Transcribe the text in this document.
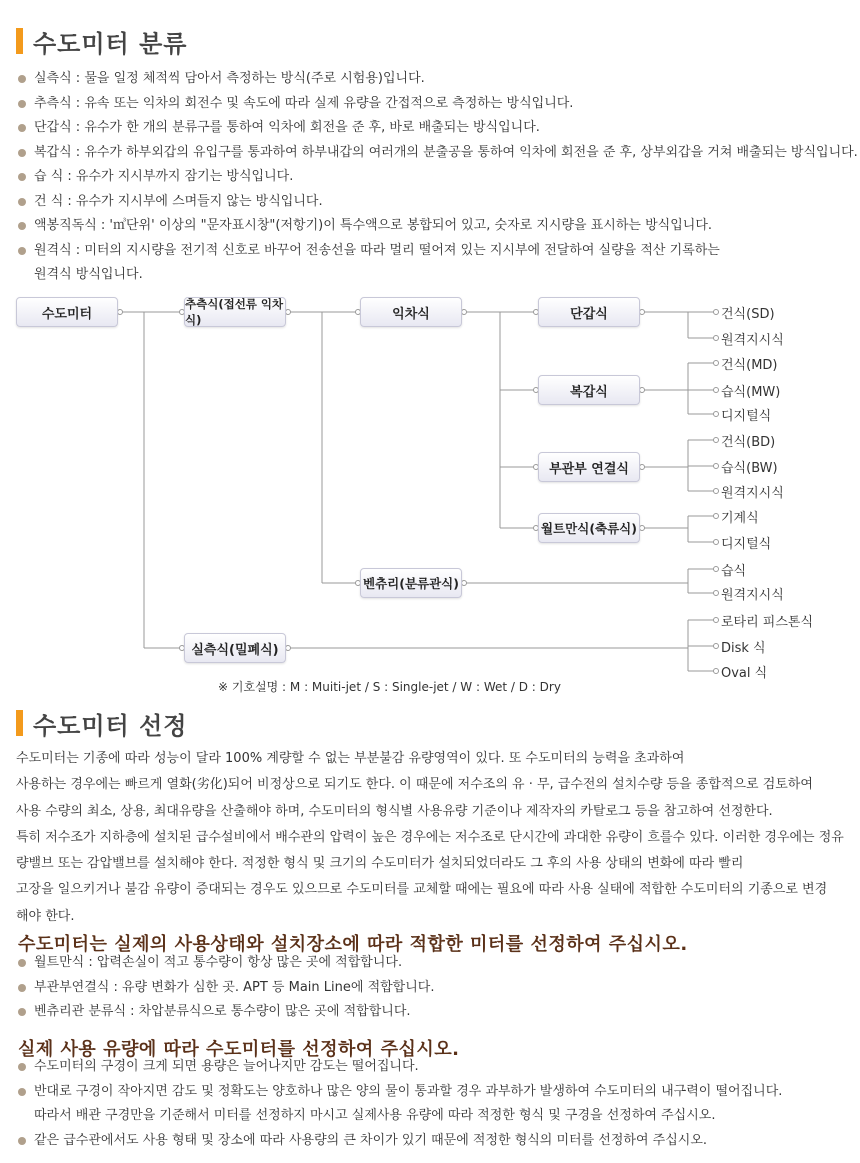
수도미터 분류
실측식 : 물을 일정 체적씩 담아서 측정하는 방식(주로 시험용)입니다.
추측식 : 유속 또는 익차의 회전수 및 속도에 따라 실제 유량을 간접적으로 측정하는 방식입니다.
단갑식 : 유수가 한 개의 분류구를 통하여 익차에 회전을 준 후, 바로 배출되는 방식입니다.
복갑식 : 유수가 하부외갑의 유입구를 통과하여 하부내갑의 여러개의 분출공을 통하여 익차에 회전을 준 후, 상부외갑을 거쳐 배출되는 방식입니다.
습 식 : 유수가 지시부까지 잠기는 방식입니다.
건 식 : 유수가 지시부에 스며들지 않는 방식입니다.
액봉직독식 : '㎥단위' 이상의 "문자표시창"(저항기)이 특수액으로 봉합되어 있고, 숫자로 지시량을 표시하는 방식입니다.
원격식 : 미터의 지시량을 전기적 신호로 바꾸어 전송선을 따라 멀리 떨어져 있는 지시부에 전달하여 실량을 적산 기록하는
원격식 방식입니다.
수도미터
추측식(접선류 익차식)	익차식	단갑식
복갑식
부관부 연결식
월트만식(축류식)
벤츄리(분류관식)
실측식(밀폐식)
건식(SD)
원격지시식
건식(MD)
습식(MW)
디지털식
건식(BD)
습식(BW)
원격지시식
기계식
디지털식
습식
원격지시식
로타리 피스톤식
Disk 식
Oval 식
※ 기호설명 : M : Muiti-jet / S : Single-jet / W : Wet / D : Dry
수도미터 선정
수도미터는 기종에 따라 성능이 달라 100% 계량할 수 없는 부분불감 유량영역이 있다. 또 수도미터의 능력을 초과하여
사용하는 경우에는 빠르게 열화(劣化)되어 비정상으로 되기도 한다. 이 때문에 저수조의 유 · 무, 급수전의 설치수량 등을 종합적으로 검토하여
사용 수량의 최소, 상용, 최대유량을 산출해야 하며, 수도미터의 형식별 사용유량 기준이나 제작자의 카탈로그 등을 참고하여 선정한다.
특히 저수조가 지하층에 설치된 급수설비에서 배수관의 압력이 높은 경우에는 저수조로 단시간에 과대한 유량이 흐를수 있다. 이러한 경우에는 정유
량밸브 또는 감압밸브를 설치해야 한다. 적정한 형식 및 크기의 수도미터가 설치되었더라도 그 후의 사용 상태의 변화에 따라 빨리
고장을 일으키거나 불감 유량이 증대되는 경우도 있으므로 수도미터를 교체할 때에는 필요에 따라 사용 실태에 적합한 수도미터의 기종으로 변경
해야 한다.
수도미터는 실제의 사용상태와 설치장소에 따라 적합한 미터를 선정하여 주십시오.
월트만식 : 압력손실이 적고 통수량이 항상 많은 곳에 적합합니다.
부관부연결식 : 유량 변화가 심한 곳. APT 등 Main Line에 적합합니다.
벤츄리관 분류식 : 차압분류식으로 통수량이 많은 곳에 적합합니다.
실제 사용 유량에 따라 수도미터를 선정하여 주십시오.
수도미터의 구경이 크게 되면 용량은 늘어나지만 감도는 떨어집니다.
반대로 구경이 작아지면 감도 및 정확도는 양호하나 많은 양의 물이 통과할 경우 과부하가 발생하여 수도미터의 내구력이 떨어집니다.
따라서 배관 구경만을 기준해서 미터를 선정하지 마시고 실제사용 유량에 따라 적정한 형식 및 구경을 선정하여 주십시오.
같은 급수관에서도 사용 형태 및 장소에 따라 사용량의 큰 차이가 있기 때문에 적정한 형식의 미터를 선정하여 주십시오.
